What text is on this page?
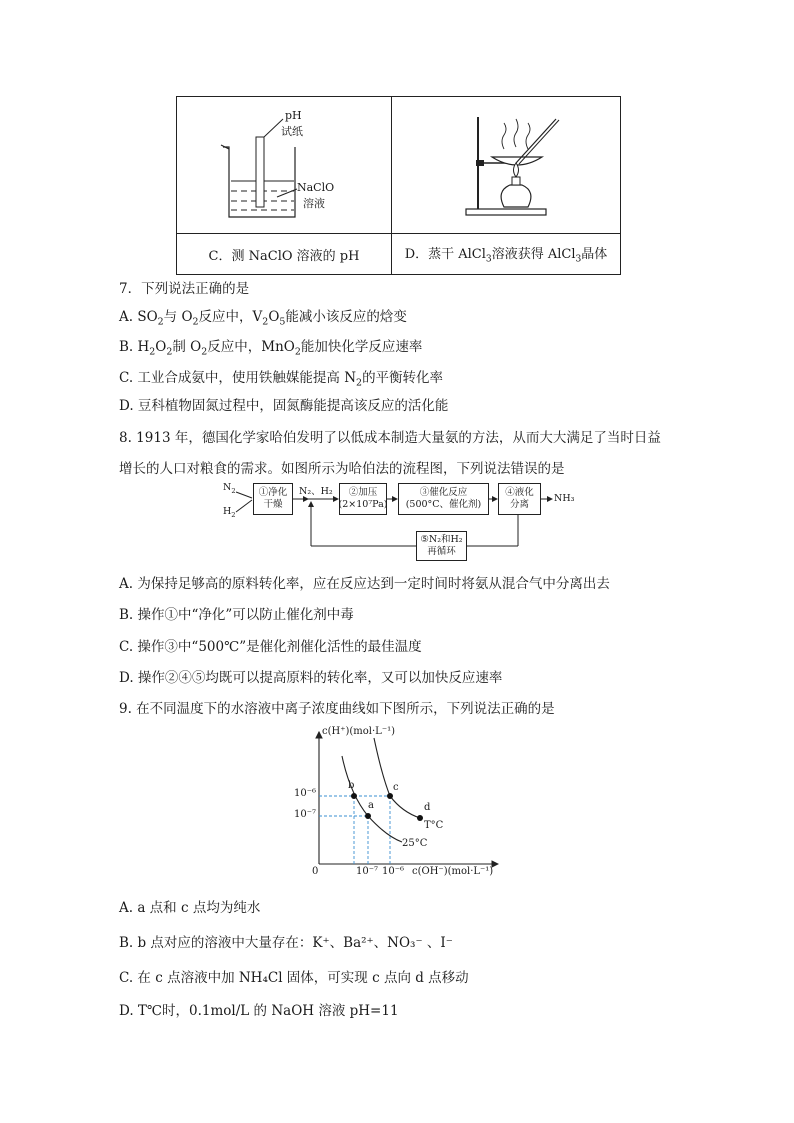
pH
试纸
NaClO
溶液

C．测 NaClO 溶液的 pH	D．蒸干 AlCl$_3$溶液获得 AlCl$_3$晶体
7．下列说法正确的是
A. $SO_2$与 $O_2$反应中，$V_2O_5$能减小该反应的焓变
B. $H_2O_2$制 $O_2$反应中，MnO$_2$能加快化学反应速率
C. 工业合成氨中，使用铁触媒能提高 $N_2$的平衡转化率
D. 豆科植物固氮过程中，固氮酶能提高该反应的活化能
8. 1913 年，德国化学家哈伯发明了以低成本制造大量氨的方法，从而大大满足了当时日益
增长的人口对粮食的需求。如图所示为哈伯法的流程图，下列说法错误的是
$N_2$
$H_2$
①净化
干燥
N₂、H₂	②加压
(2×10⁷Pa)
③催化反应
(500°C、催化剂)
④液化
分离
NH₃
⑤N₂和H₂
再循环
A. 为保持足够高的原料转化率，应在反应达到一定时间时将氨从混合气中分离出去
B. 操作①中“净化”可以防止催化剂中毒
C. 操作③中“500℃”是催化剂催化活性的最佳温度
D. 操作②④⑤均既可以提高原料的转化率，又可以加快反应速率
9. 在不同温度下的水溶液中离子浓度曲线如下图所示，下列说法正确的是
c(H⁺)(mol·L⁻¹)
10⁻⁶
10⁻⁷
0	10⁻⁷ 10⁻⁶ c(OH⁻)(mol·L⁻¹)
b
a
c
d
T°C
25°C
A. a 点和 c 点均为纯水
B. b 点对应的溶液中大量存在：K⁺、Ba²⁺、NO₃⁻ 、I⁻
C. 在 c 点溶液中加 NH₄Cl 固体，可实现 c 点向 d 点移动
D. T℃时，0.1mol/L 的 NaOH 溶液 pH=11
